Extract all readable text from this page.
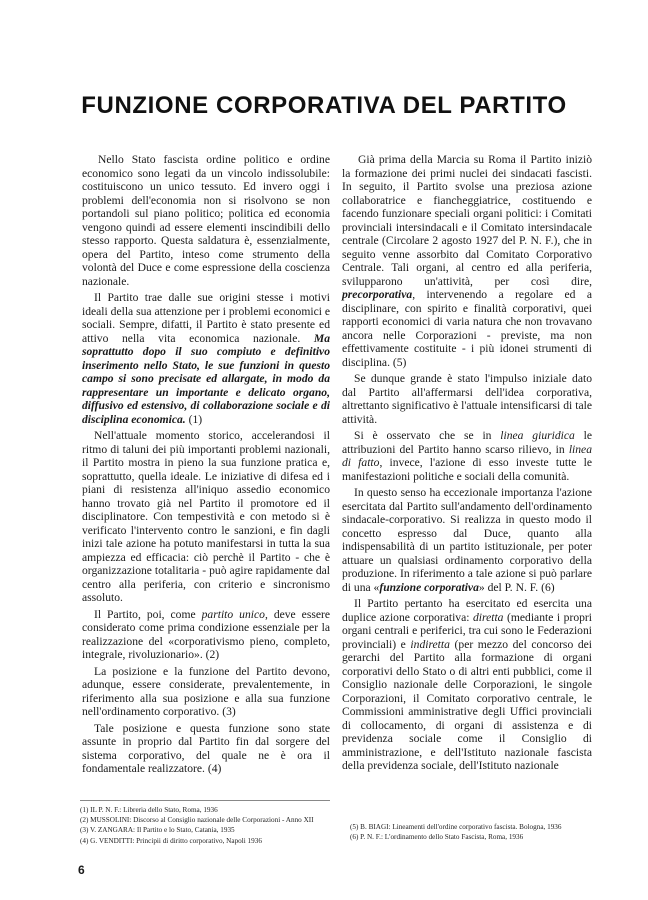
FUNZIONE CORPORATIVA DEL PARTITO

Nello Stato fascista ordine politico e ordine economico sono legati da un vincolo indissolubile: costituiscono un unico tessuto. Ed invero oggi i problemi dell'economia non si risolvono se non portandoli sul piano politico; politica ed economia vengono quindi ad essere elementi inscindibili dello stesso rapporto. Questa saldatura è, essenzialmente, opera del Partito, inteso come strumento della volontà del Duce e come espressione della coscienza nazionale.

Il Partito trae dalle sue origini stesse i motivi ideali della sua attenzione per i problemi economici e sociali. Sempre, difatti, il Partito è stato presente ed attivo nella vita economica nazionale. Ma soprattutto dopo il suo compiuto e definitivo inserimento nello Stato, le sue funzioni in questo campo si sono precisate ed allargate, in modo da rappresentare un importante e delicato organo, diffusivo ed estensivo, di collaborazione sociale e di disciplina economica. (1)

Nell'attuale momento storico, accelerandosi il ritmo di taluni dei più importanti problemi nazionali, il Partito mostra in pieno la sua funzione pratica e, soprattutto, quella ideale. Le iniziative di difesa ed i piani di resistenza all'iniquo assedio economico hanno trovato già nel Partito il promotore ed il disciplinatore. Con tempestività e con metodo si è verificato l'intervento contro le sanzioni, e fin dagli inizi tale azione ha potuto manifestarsi in tutta la sua ampiezza ed efficacia: ciò perchè il Partito - che è organizzazione totalitaria - può agire rapidamente dal centro alla periferia, con criterio e sincronismo assoluto.

Il Partito, poi, come partito unico, deve essere considerato come prima condizione essenziale per la realizzazione del «corporativismo pieno, completo, integrale, rivoluzionario». (2)

La posizione e la funzione del Partito devono, adunque, essere considerate, prevalentemente, in riferimento alla sua posizione e alla sua funzione nell'ordinamento corporativo. (3)

Tale posizione e questa funzione sono state assunte in proprio dal Partito fin dal sorgere del sistema corporativo, del quale ne è ora il fondamentale realizzatore. (4)

Già prima della Marcia su Roma il Partito iniziò la formazione dei primi nuclei dei sindacati fascisti. In seguito, il Partito svolse una preziosa azione collaboratrice e fiancheggiatrice, costituendo e facendo funzionare speciali organi politici: i Comitati provinciali intersindacali e il Comitato intersindacale centrale (Circolare 2 agosto 1927 del P. N. F.), che in seguito venne assorbito dal Comitato Corporativo Centrale. Tali organi, al centro ed alla periferia, svilupparono un'attività, per così dire, precorporativa, intervenendo a regolare ed a disciplinare, con spirito e finalità corporativi, quei rapporti economici di varia natura che non trovavano ancora nelle Corporazioni - previste, ma non effettivamente costituite - i più idonei strumenti di disciplina. (5)

Se dunque grande è stato l'impulso iniziale dato dal Partito all'affermarsi dell'idea corporativa, altrettanto significativo è l'attuale intensificarsi di tale attività.

Si è osservato che se in linea giuridica le attribuzioni del Partito hanno scarso rilievo, in linea di fatto, invece, l'azione di esso investe tutte le manifestazioni politiche e sociali della comunità.

In questo senso ha eccezionale importanza l'azione esercitata dal Partito sull'andamento dell'ordinamento sindacale-corporativo. Si realizza in questo modo il concetto espresso dal Duce, quanto alla indispensabilità di un partito istituzionale, per poter attuare un qualsiasi ordinamento corporativo della produzione. In riferimento a tale azione si può parlare di una «funzione corporativa» del P. N. F. (6)

Il Partito pertanto ha esercitato ed esercita una duplice azione corporativa: diretta (mediante i propri organi centrali e periferici, tra cui sono le Federazioni provinciali) e indiretta (per mezzo del concorso dei gerarchi del Partito alla formazione di organi corporativi dello Stato o di altri enti pubblici, come il Consiglio nazionale delle Corporazioni, le singole Corporazioni, il Comitato corporativo centrale, le Commissioni amministrative degli Uffici provinciali di collocamento, di organi di assistenza e di previdenza sociale come il Consiglio di amministrazione, e dell'Istituto nazionale fascista della previdenza sociale, dell'Istituto nazionale

(1) IL P. N. F.: Libreria dello Stato, Roma, 1936
(2) MUSSOLINI: Discorso al Consiglio nazionale delle Corporazioni - Anno XII
(3) V. ZANGARA: Il Partito e lo Stato, Catania, 1935
(4) G. VENDITTI: Principii di diritto corporativo, Napoli 1936
(5) B. BIAGI: Lineamenti dell'ordine corporativo fascista. Bologna, 1936
(6) P. N. F.: L'ordinamento dello Stato Fascista, Roma, 1936
6
